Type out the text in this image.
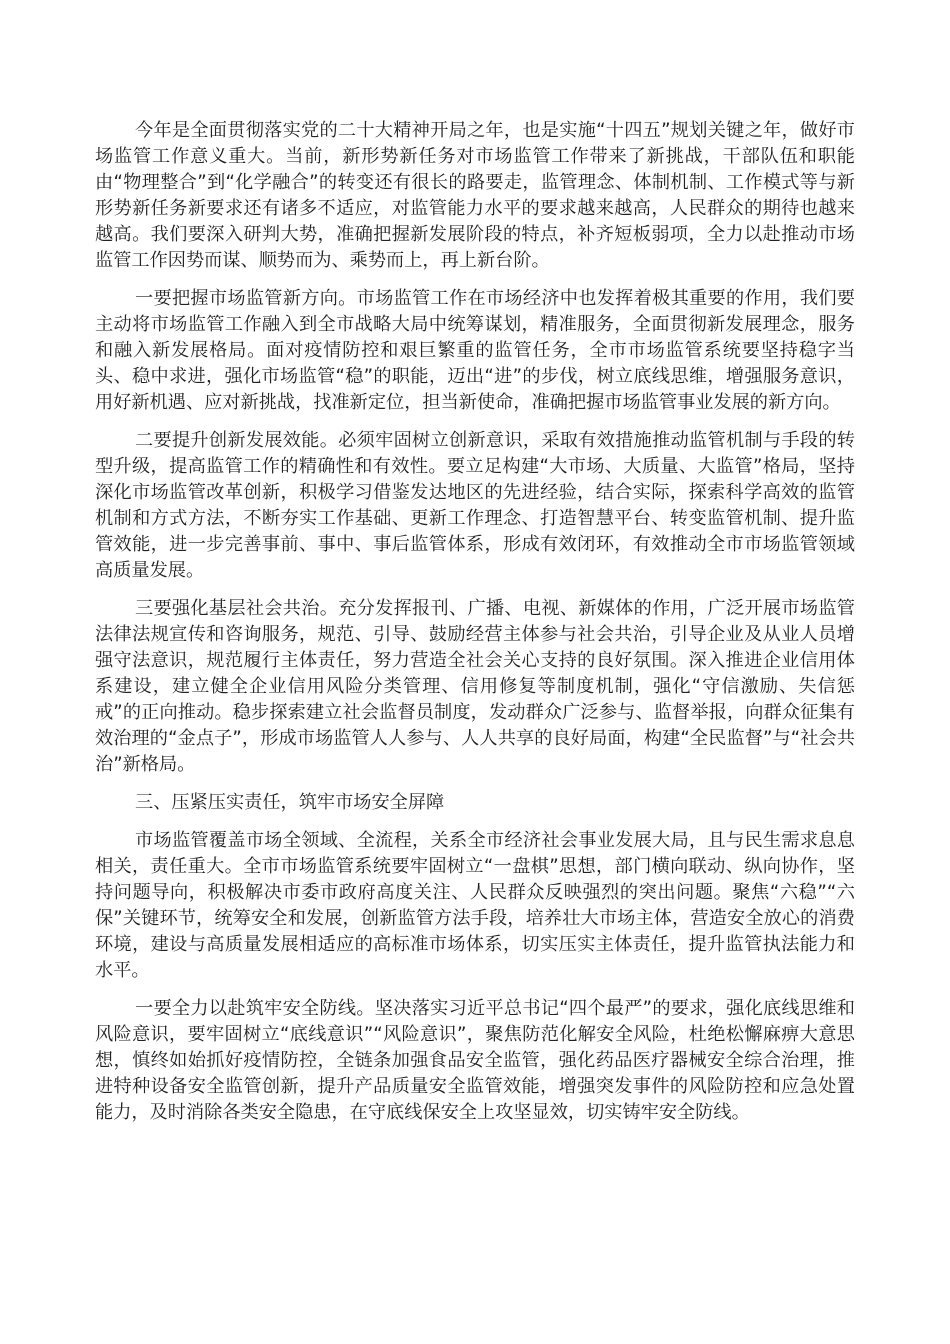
今年是全面贯彻落实党的二十大精神开局之年，也是实施“十四五”规划关键之年，做好市场监管工作意义重大。当前，新形势新任务对市场监管工作带来了新挑战，干部队伍和职能由“物理整合”到“化学融合”的转变还有很长的路要走，监管理念、体制机制、工作模式等与新形势新任务新要求还有诸多不适应，对监管能力水平的要求越来越高，人民群众的期待也越来越高。我们要深入研判大势，准确把握新发展阶段的特点，补齐短板弱项，全力以赴推动市场监管工作因势而谋、顺势而为、乘势而上，再上新台阶。

一要把握市场监管新方向。市场监管工作在市场经济中也发挥着极其重要的作用，我们要主动将市场监管工作融入到全市战略大局中统筹谋划，精准服务，全面贯彻新发展理念，服务和融入新发展格局。面对疫情防控和艰巨繁重的监管任务，全市市场监管系统要坚持稳字当头、稳中求进，强化市场监管“稳”的职能，迈出“进”的步伐，树立底线思维，增强服务意识，用好新机遇、应对新挑战，找准新定位，担当新使命，准确把握市场监管事业发展的新方向。

二要提升创新发展效能。必须牢固树立创新意识，采取有效措施推动监管机制与手段的转型升级，提高监管工作的精确性和有效性。要立足构建“大市场、大质量、大监管”格局，坚持深化市场监管改革创新，积极学习借鉴发达地区的先进经验，结合实际，探索科学高效的监管机制和方式方法，不断夯实工作基础、更新工作理念、打造智慧平台、转变监管机制、提升监管效能，进一步完善事前、事中、事后监管体系，形成有效闭环，有效推动全市市场监管领域高质量发展。

三要强化基层社会共治。充分发挥报刊、广播、电视、新媒体的作用，广泛开展市场监管法律法规宣传和咨询服务，规范、引导、鼓励经营主体参与社会共治，引导企业及从业人员增强守法意识，规范履行主体责任，努力营造全社会关心支持的良好氛围。深入推进企业信用体系建设，建立健全企业信用风险分类管理、信用修复等制度机制，强化“守信激励、失信惩戒”的正向推动。稳步探索建立社会监督员制度，发动群众广泛参与、监督举报，向群众征集有效治理的“金点子”，形成市场监管人人参与、人人共享的良好局面，构建“全民监督”与“社会共治”新格局。

三、压紧压实责任，筑牢市场安全屏障

市场监管覆盖市场全领域、全流程，关系全市经济社会事业发展大局，且与民生需求息息相关，责任重大。全市市场监管系统要牢固树立“一盘棋”思想，部门横向联动、纵向协作，坚持问题导向，积极解决市委市政府高度关注、人民群众反映强烈的突出问题。聚焦“六稳”“六保”关键环节，统筹安全和发展，创新监管方法手段，培养壮大市场主体，营造安全放心的消费环境，建设与高质量发展相适应的高标准市场体系，切实压实主体责任，提升监管执法能力和水平。

一要全力以赴筑牢安全防线。坚决落实习近平总书记“四个最严”的要求，强化底线思维和风险意识，要牢固树立“底线意识”“风险意识”，聚焦防范化解安全风险，杜绝松懈麻痹大意思想，慎终如始抓好疫情防控，全链条加强食品安全监管，强化药品医疗器械安全综合治理，推进特种设备安全监管创新，提升产品质量安全监管效能，增强突发事件的风险防控和应急处置能力，及时消除各类安全隐患，在守底线保安全上攻坚显效，切实铸牢安全防线。
